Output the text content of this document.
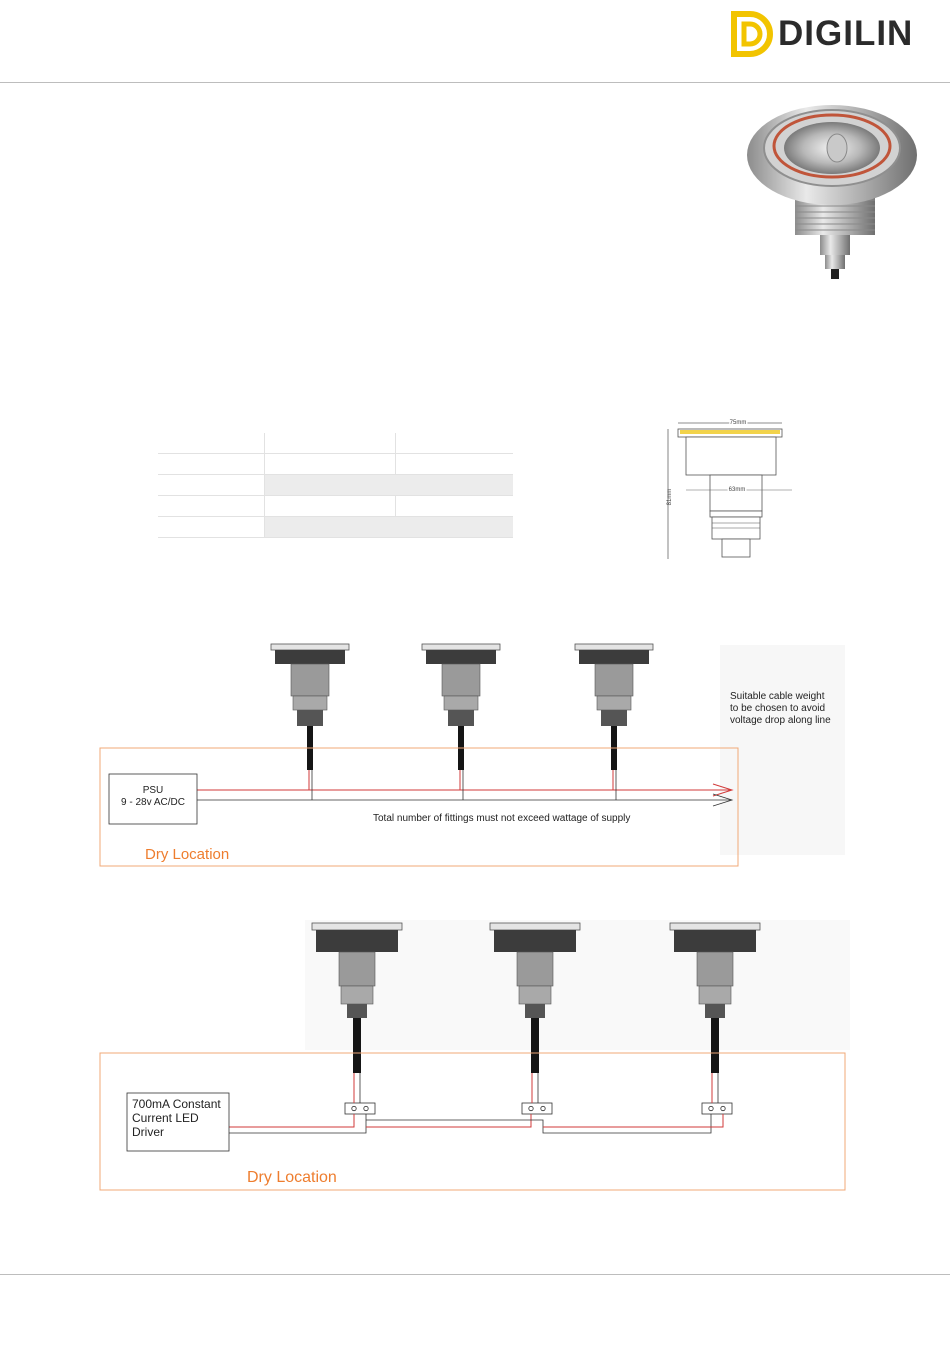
DIGILIN
75mm
63mm
81mm
PSU
9 - 28v AC/DC
Suitable cable weight
to be chosen to avoid
voltage drop along line
Total number of fittings must not exceed wattage of supply
Dry Location
700mA Constant
Current LED
Driver
Dry Location
